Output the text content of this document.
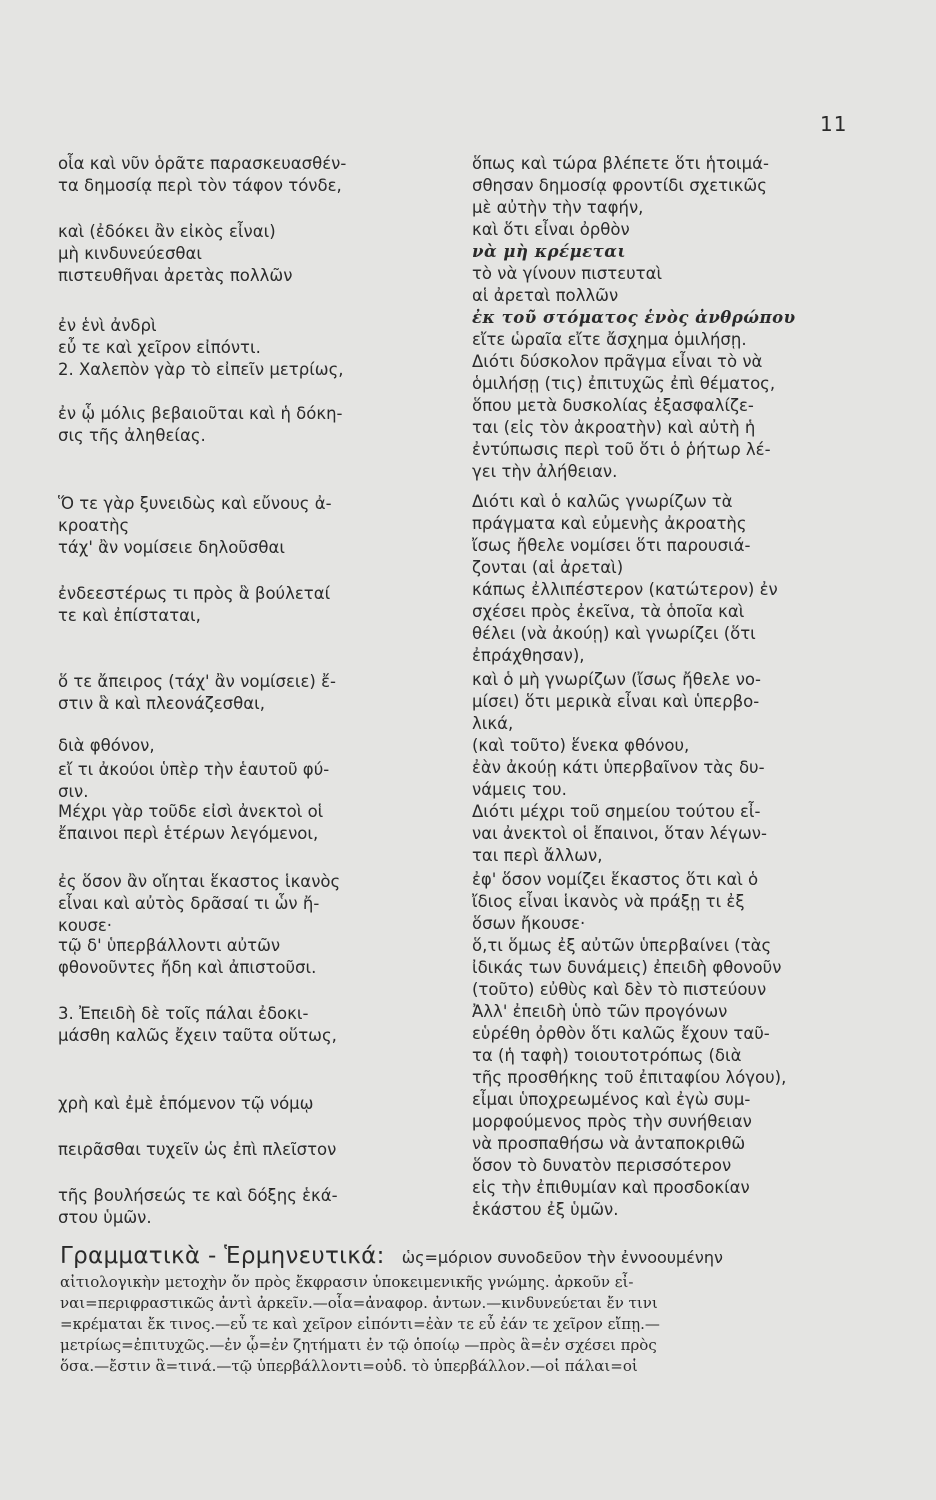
11
οἷα καὶ νῦν ὁρᾶτε παρασκευασθέν-
τα δημοσίᾳ περὶ τὸν τάφον τόνδε,
καὶ (ἐδόκει ἂν εἰκὸς εἶναι)
μὴ κινδυνεύεσθαι
πιστευθῆναι ἀρετὰς πολλῶν
ἐν ἑνὶ ἀνδρὶ
εὖ τε καὶ χεῖρον εἰπόντι.
2. Χαλεπὸν γὰρ τὸ εἰπεῖν μετρίως,
ἐν ᾧ μόλις βεβαιοῦται καὶ ἡ δόκη-
σις τῆς ἀληθείας.
Ὅ τε γὰρ ξυνειδὼς καὶ εὔνους ἀ-
κροατὴς
τάχ' ἂν νομίσειε δηλοῦσθαι
ἐνδεεστέρως τι πρὸς ἃ βούλεταί
τε καὶ ἐπίσταται,
ὅ τε ἄπειρος (τάχ' ἂν νομίσειε) ἔ-
στιν ἃ καὶ πλεονάζεσθαι,
διὰ φθόνον,
εἴ τι ἀκούοι ὑπὲρ τὴν ἑαυτοῦ φύ-
σιν.
Μέχρι γὰρ τοῦδε εἰσὶ ἀνεκτοὶ οἱ
ἔπαινοι περὶ ἑτέρων λεγόμενοι,
ἐς ὅσον ἂν οἴηται ἕκαστος ἱκανὸς
εἶναι καὶ αὐτὸς δρᾶσαί τι ὧν ἤ-
κουσε·
τῷ δ' ὑπερβάλλοντι αὐτῶν
φθονοῦντες ἤδη καὶ ἀπιστοῦσι.
3. Ἐπειδὴ δὲ τοῖς πάλαι ἐδοκι-
μάσθη καλῶς ἔχειν ταῦτα οὕτως,
χρὴ καὶ ἐμὲ ἑπόμενον τῷ νόμῳ
πειρᾶσθαι τυχεῖν ὡς ἐπὶ πλεῖστον
τῆς βουλήσεώς τε καὶ δόξης ἑκά-
στου ὑμῶν.
ὅπως καὶ τώρα βλέπετε ὅτι ἡτοιμά-
σθησαν δημοσίᾳ φροντίδι σχετικῶς
μὲ αὐτὴν τὴν ταφήν,
καὶ ὅτι εἶναι ὀρθὸν
νὰ μὴ κρέμεται
τὸ νὰ γίνουν πιστευταὶ
αἱ ἀρεταὶ πολλῶν
ἐκ τοῦ στόματος ἑνὸς ἀνθρώπου
εἴτε ὡραῖα εἴτε ἄσχημα ὁμιλήσῃ.
Διότι δύσκολον πρᾶγμα εἶναι τὸ νὰ
ὁμιλήσῃ (τις) ἐπιτυχῶς ἐπὶ θέματος,
ὅπου μετὰ δυσκολίας ἐξασφαλίζε-
ται (εἰς τὸν ἀκροατὴν) καὶ αὐτὴ ἡ
ἐντύπωσις περὶ τοῦ ὅτι ὁ ῥήτωρ λέ-
γει τὴν ἀλήθειαν.
Διότι καὶ ὁ καλῶς γνωρίζων τὰ
πράγματα καὶ εὐμενὴς ἀκροατὴς
ἴσως ἤθελε νομίσει ὅτι παρουσιά-
ζονται (αἱ ἀρεταὶ)
κάπως ἐλλιπέστερον (κατώτερον) ἐν
σχέσει πρὸς ἐκεῖνα, τὰ ὁποῖα καὶ
θέλει (νὰ ἀκούῃ) καὶ γνωρίζει (ὅτι
ἐπράχθησαν),
καὶ ὁ μὴ γνωρίζων (ἴσως ἤθελε νο-
μίσει) ὅτι μερικὰ εἶναι καὶ ὑπερβο-
λικά,
(καὶ τοῦτο) ἕνεκα φθόνου,
ἐὰν ἀκούῃ κάτι ὑπερβαῖνον τὰς δυ-
νάμεις του.
Διότι μέχρι τοῦ σημείου τούτου εἶ-
ναι ἀνεκτοὶ οἱ ἔπαινοι, ὅταν λέγων-
ται περὶ ἄλλων,
ἐφ' ὅσον νομίζει ἕκαστος ὅτι καὶ ὁ
ἴδιος εἶναι ἱκανὸς νὰ πράξῃ τι ἐξ
ὅσων ἤκουσε·
ὅ,τι ὅμως ἐξ αὐτῶν ὑπερβαίνει (τὰς
ἰδικάς των δυνάμεις) ἐπειδὴ φθονοῦν
(τοῦτο) εὐθὺς καὶ δὲν τὸ πιστεύουν
Ἀλλ' ἐπειδὴ ὑπὸ τῶν προγόνων
εὑρέθη ὀρθὸν ὅτι καλῶς ἔχουν ταῦ-
τα (ἡ ταφὴ) τοιουτοτρόπως (διὰ
τῆς προσθήκης τοῦ ἐπιταφίου λόγου),
εἶμαι ὑποχρεωμένος καὶ ἐγὼ συμ-
μορφούμενος πρὸς τὴν συνήθειαν
νὰ προσπαθήσω νὰ ἀνταποκριθῶ
ὅσον τὸ δυνατὸν περισσότερον
εἰς τὴν ἐπιθυμίαν καὶ προσδοκίαν
ἑκάστου ἐξ ὑμῶν.
Γραμματικὰ - Ἑρμηνευτικά: ὡς=μόριον συνοδεῦον τὴν ἐννοουμένην
αἰτιολογικὴν μετοχὴν ὄν πρὸς ἔκφρασιν ὑποκειμενικῆς γνώμης. ἀρκοῦν εἶ-
ναι=περιφραστικῶς ἀντὶ ἀρκεῖν.—οἷα=ἀναφορ. ἀντων.—κινδυνεύεται ἔν τινι
=κρέμαται ἔκ τινος.—εὖ τε καὶ χεῖρον εἰπόντι=ἐὰν τε εὖ ἐάν τε χεῖρον εἴπῃ.—
μετρίως=ἐπιτυχῶς.—ἐν ᾧ=ἐν ζητήματι ἐν τῷ ὁποίῳ —πρὸς ἃ=ἐν σχέσει πρὸς
ὅσα.—ἔστιν ἃ=τινά.—τῷ ὑπερβάλλοντι=οὐδ. τὸ ὑπερβάλλον.—οἱ πάλαι=οἱ
